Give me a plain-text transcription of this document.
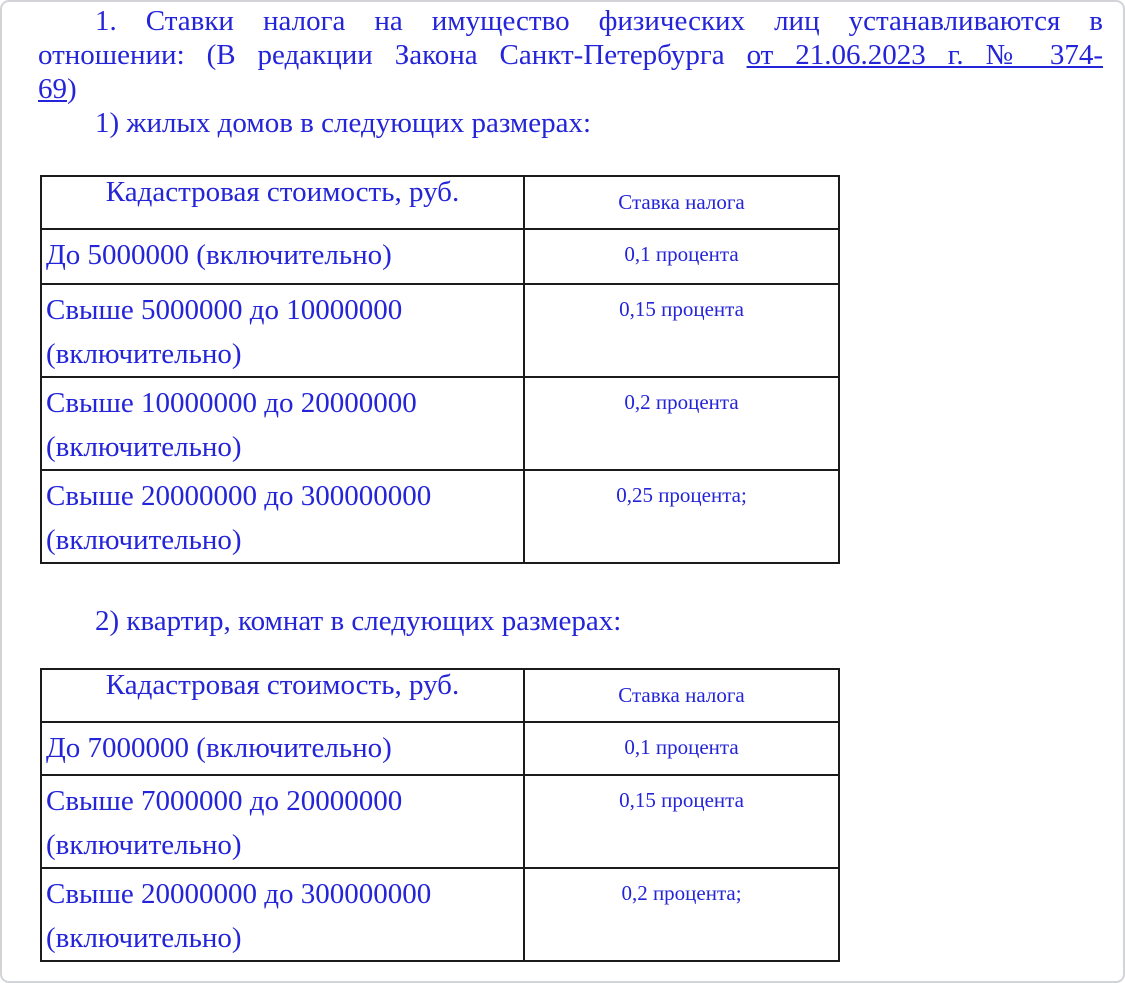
1. Ставки налога на имущество физических лиц устанавливаются в
отношении: (В редакции Закона Санкт-Петербурга от 21.06.2023 г. № 374-
69)
1) жилых домов в следующих размерах:
Кадастровая стоимость, руб.	Ставка налога
До 5000000 (включительно)	0,1 процента
Свыше 5000000 до 10000000 (включительно)	0,15 процента
Свыше 10000000 до 20000000 (включительно)	0,2 процента
Свыше 20000000 до 300000000 (включительно)	0,25 процента;
2) квартир, комнат в следующих размерах:
Кадастровая стоимость, руб.	Ставка налога
До 7000000 (включительно)	0,1 процента
Свыше 7000000 до 20000000 (включительно)	0,15 процента
Свыше 20000000 до 300000000 (включительно)	0,2 процента;
